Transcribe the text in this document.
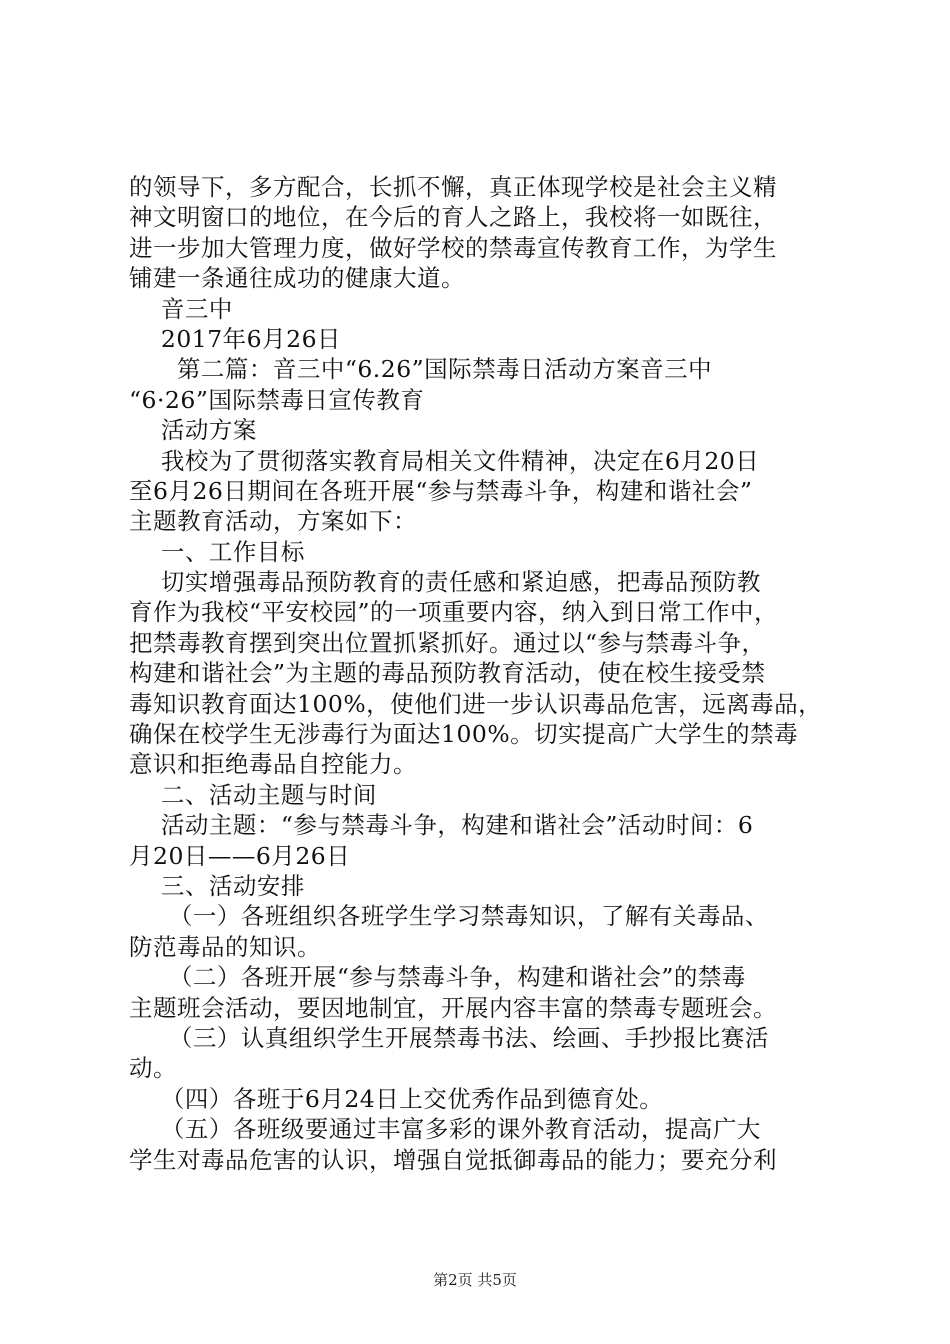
的领导下，多方配合，长抓不懈，真正体现学校是社会主义精
神文明窗口的地位，在今后的育人之路上，我校将一如既往，
进一步加大管理力度，做好学校的禁毒宣传教育工作，为学生
铺建一条通往成功的健康大道。
音三中
2017年6月26日
第二篇：音三中“6.26”国际禁毒日活动方案音三中
“6·26”国际禁毒日宣传教育
活动方案
我校为了贯彻落实教育局相关文件精神，决定在6月20日
至6月26日期间在各班开展“参与禁毒斗争，构建和谐社会”
主题教育活动，方案如下：
一、工作目标
切实增强毒品预防教育的责任感和紧迫感，把毒品预防教
育作为我校“平安校园”的一项重要内容，纳入到日常工作中，
把禁毒教育摆到突出位置抓紧抓好。通过以“参与禁毒斗争，
构建和谐社会”为主题的毒品预防教育活动，使在校生接受禁
毒知识教育面达100%，使他们进一步认识毒品危害，远离毒品，
确保在校学生无涉毒行为面达100%。切实提高广大学生的禁毒
意识和拒绝毒品自控能力。
二、活动主题与时间
活动主题：“参与禁毒斗争，构建和谐社会”活动时间：6
月20日——6月26日
三、活动安排
（一）各班组织各班学生学习禁毒知识，了解有关毒品、
防范毒品的知识。
（二）各班开展“参与禁毒斗争，构建和谐社会”的禁毒
主题班会活动，要因地制宜，开展内容丰富的禁毒专题班会。
（三）认真组织学生开展禁毒书法、绘画、手抄报比赛活
动。
（四）各班于6月24日上交优秀作品到德育处。
（五）各班级要通过丰富多彩的课外教育活动，提高广大
学生对毒品危害的认识，增强自觉抵御毒品的能力；要充分利
第2页 共5页
